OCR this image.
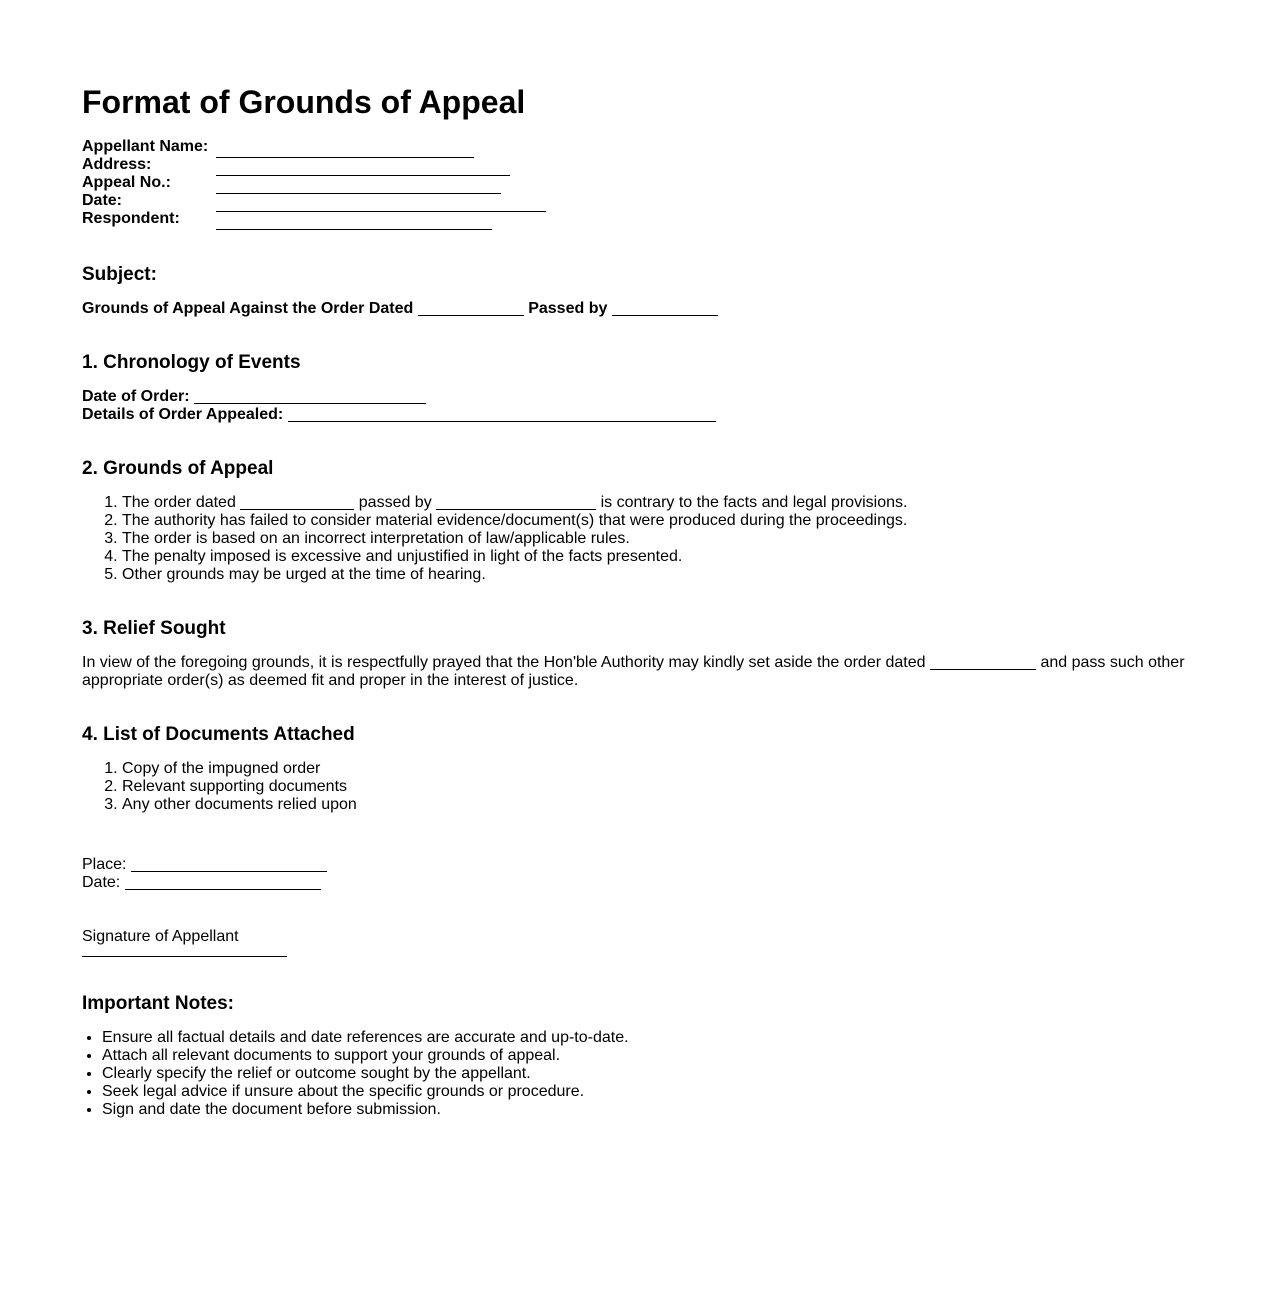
Format of Grounds of Appeal
Appellant Name:
Address:
Appeal No.:
Date:
Respondent:
Subject:
Grounds of Appeal Against the Order Dated	Passed by
1. Chronology of Events
Date of Order:
Details of Order Appealed:
2. Grounds of Appeal
1. The order dated	passed by	is contrary to the facts and legal provisions.
2. The authority has failed to consider material evidence/document(s) that were produced during the proceedings.
3. The order is based on an incorrect interpretation of law/applicable rules.
4. The penalty imposed is excessive and unjustified in light of the facts presented.
5. Other grounds may be urged at the time of hearing.
3. Relief Sought
In view of the foregoing grounds, it is respectfully prayed that the Hon'ble Authority may kindly set aside the order dated	and pass such other appropriate order(s) as deemed fit and proper in the interest of justice.
4. List of Documents Attached
1. Copy of the impugned order
2. Relevant supporting documents
3. Any other documents relied upon
Place:
Date:
Signature of Appellant
Important Notes:
• Ensure all factual details and date references are accurate and up-to-date.
• Attach all relevant documents to support your grounds of appeal.
• Clearly specify the relief or outcome sought by the appellant.
• Seek legal advice if unsure about the specific grounds or procedure.
• Sign and date the document before submission.
